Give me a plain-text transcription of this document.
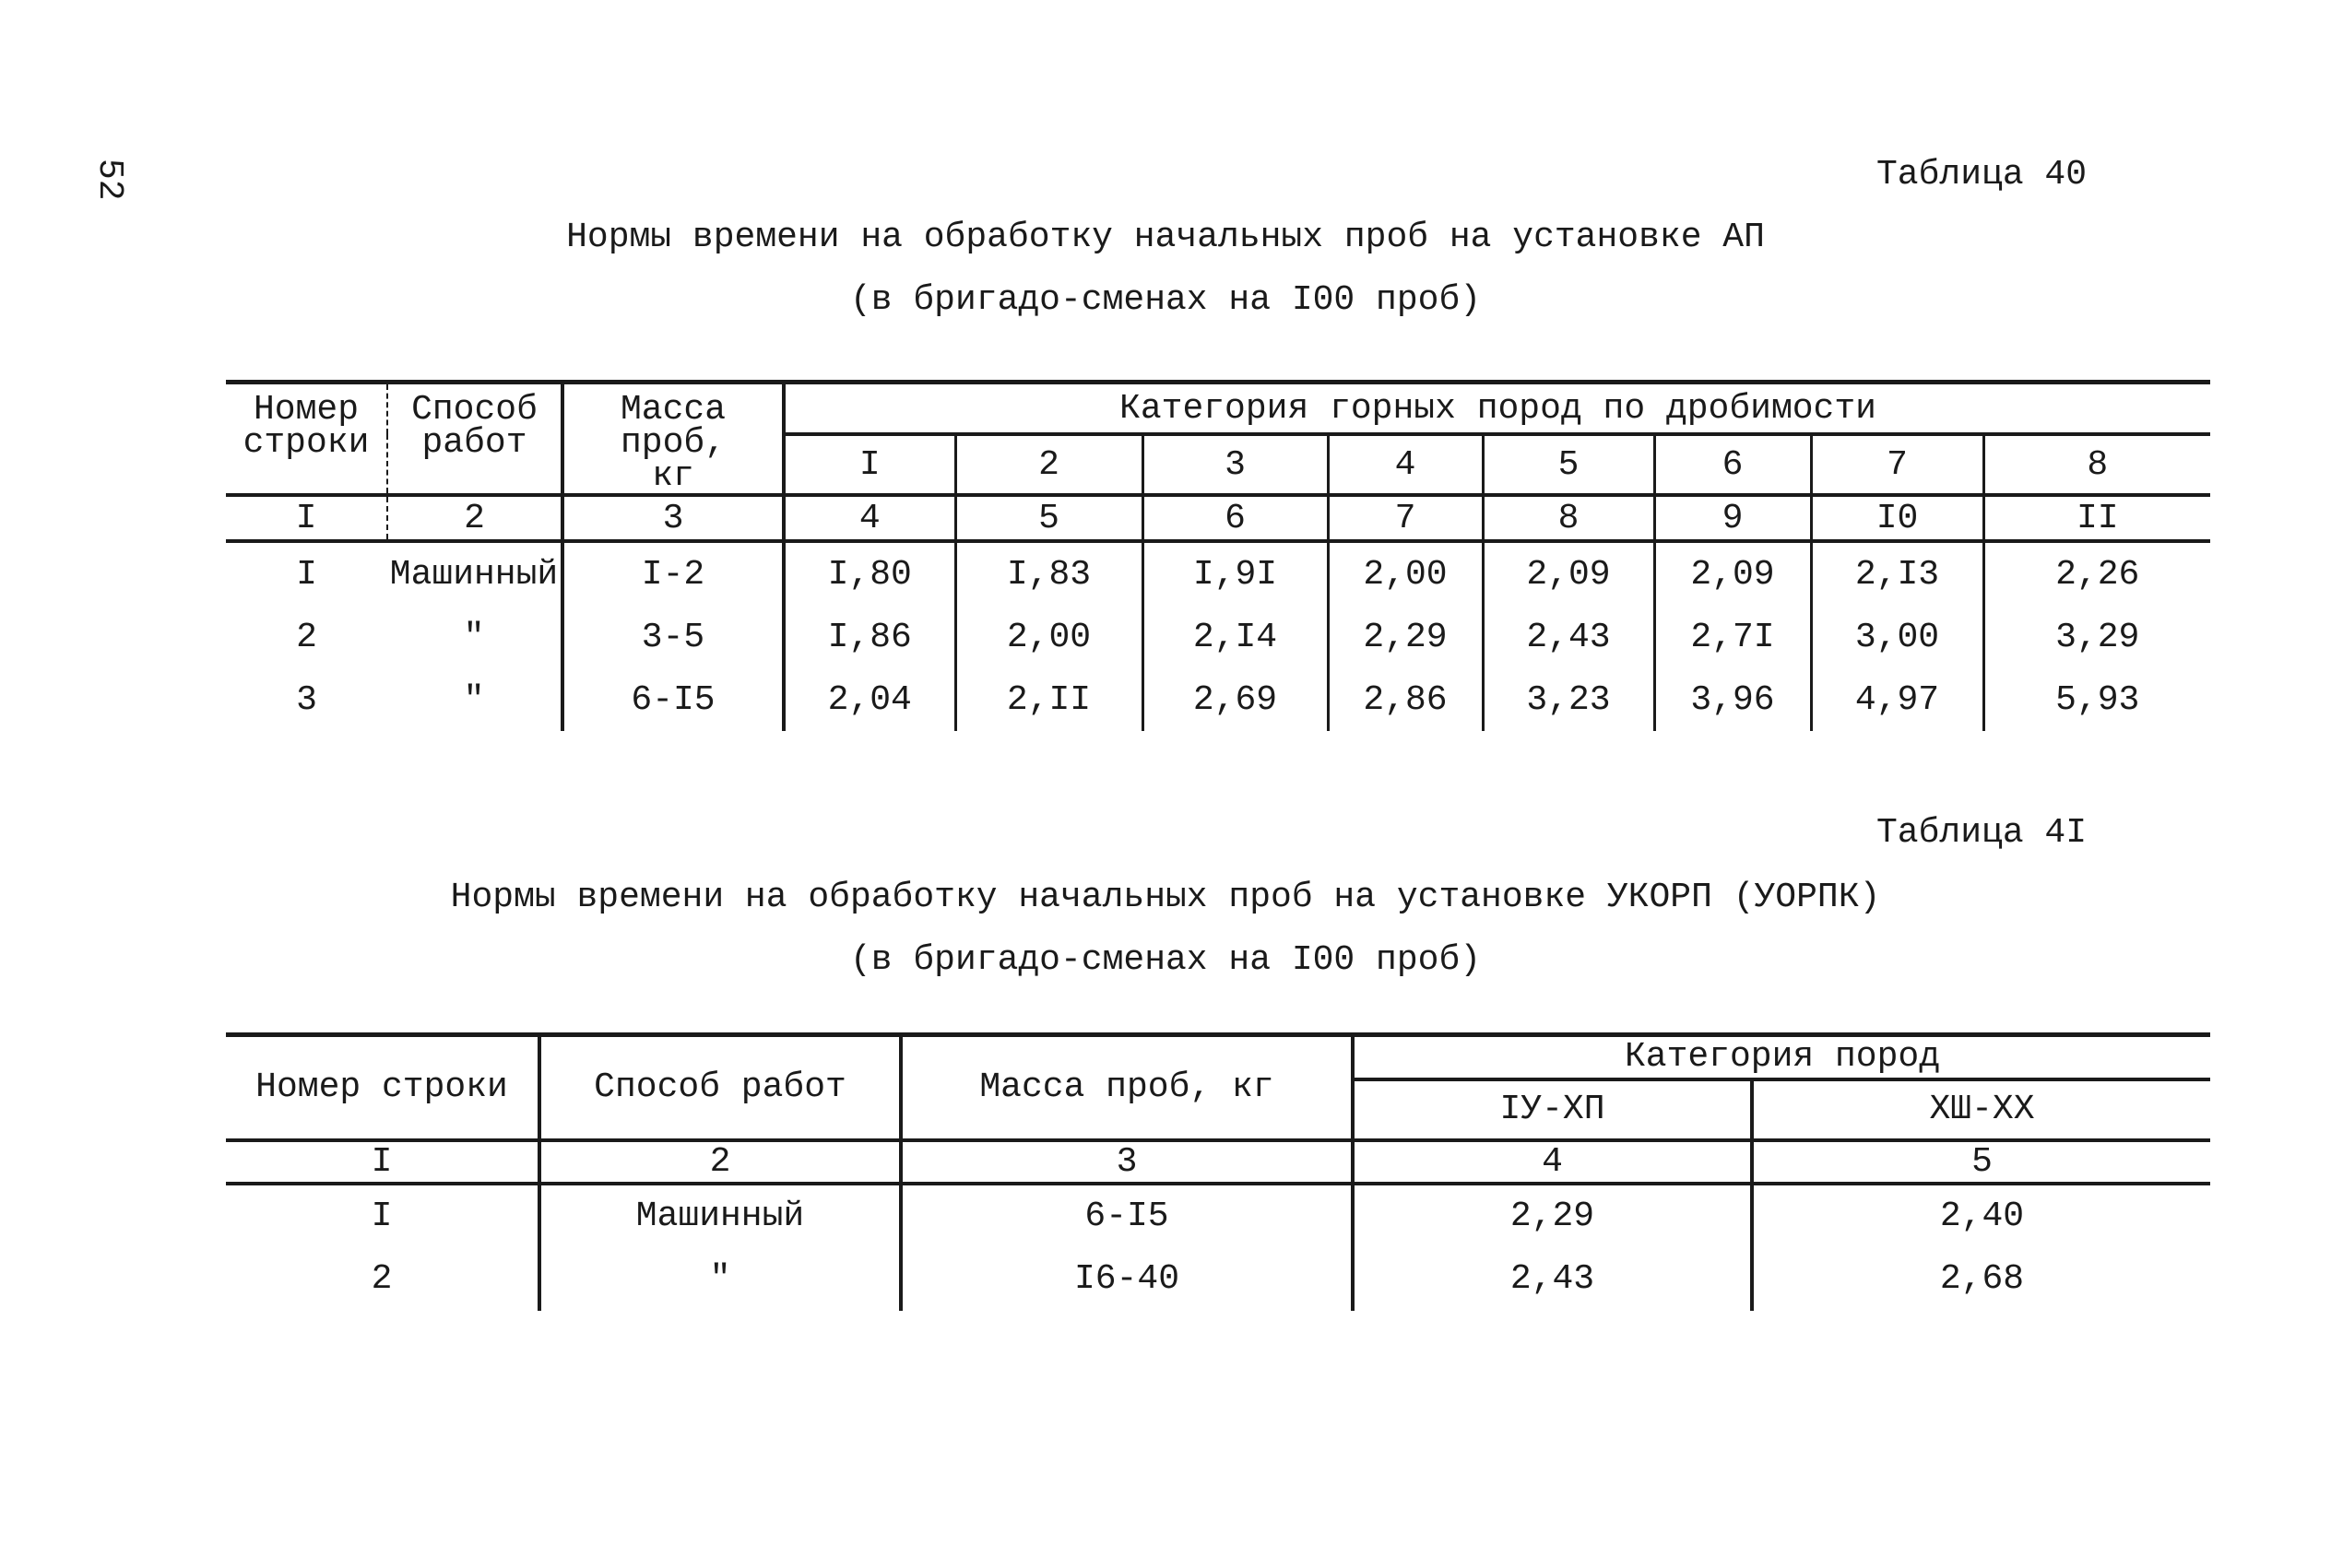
52	Таблица 40
Нормы времени на обработку начальных проб на установке АП
(в бригадо-сменах на I00 проб)
Номер строки	Способ работ	Масса проб, кг	Категория горных пород по дробимости							
			I	2	3	4	5	6	7	8
I	2	3	4	5	6	7	8	9	I0	II
I	Машинный	I-2	I,80	I,83	I,9I	2,00	2,09	2,09	2,I3	2,26
2	"	3-5	I,86	2,00	2,I4	2,29	2,43	2,7I	3,00	3,29
3	"	6-I5	2,04	2,II	2,69	2,86	3,23	3,96	4,97	5,93
Таблица 4I
Нормы времени на обработку начальных проб на установке УКОРП (УОРПК)
(в бригадо-сменах на I00 проб)
Номер строки	Способ работ	Масса проб, кг	Категория пород	
			IУ-XП	XШ-XX
I	2	3	4	5
I	Машинный	6-I5	2,29	2,40
2	"	I6-40	2,43	2,68
